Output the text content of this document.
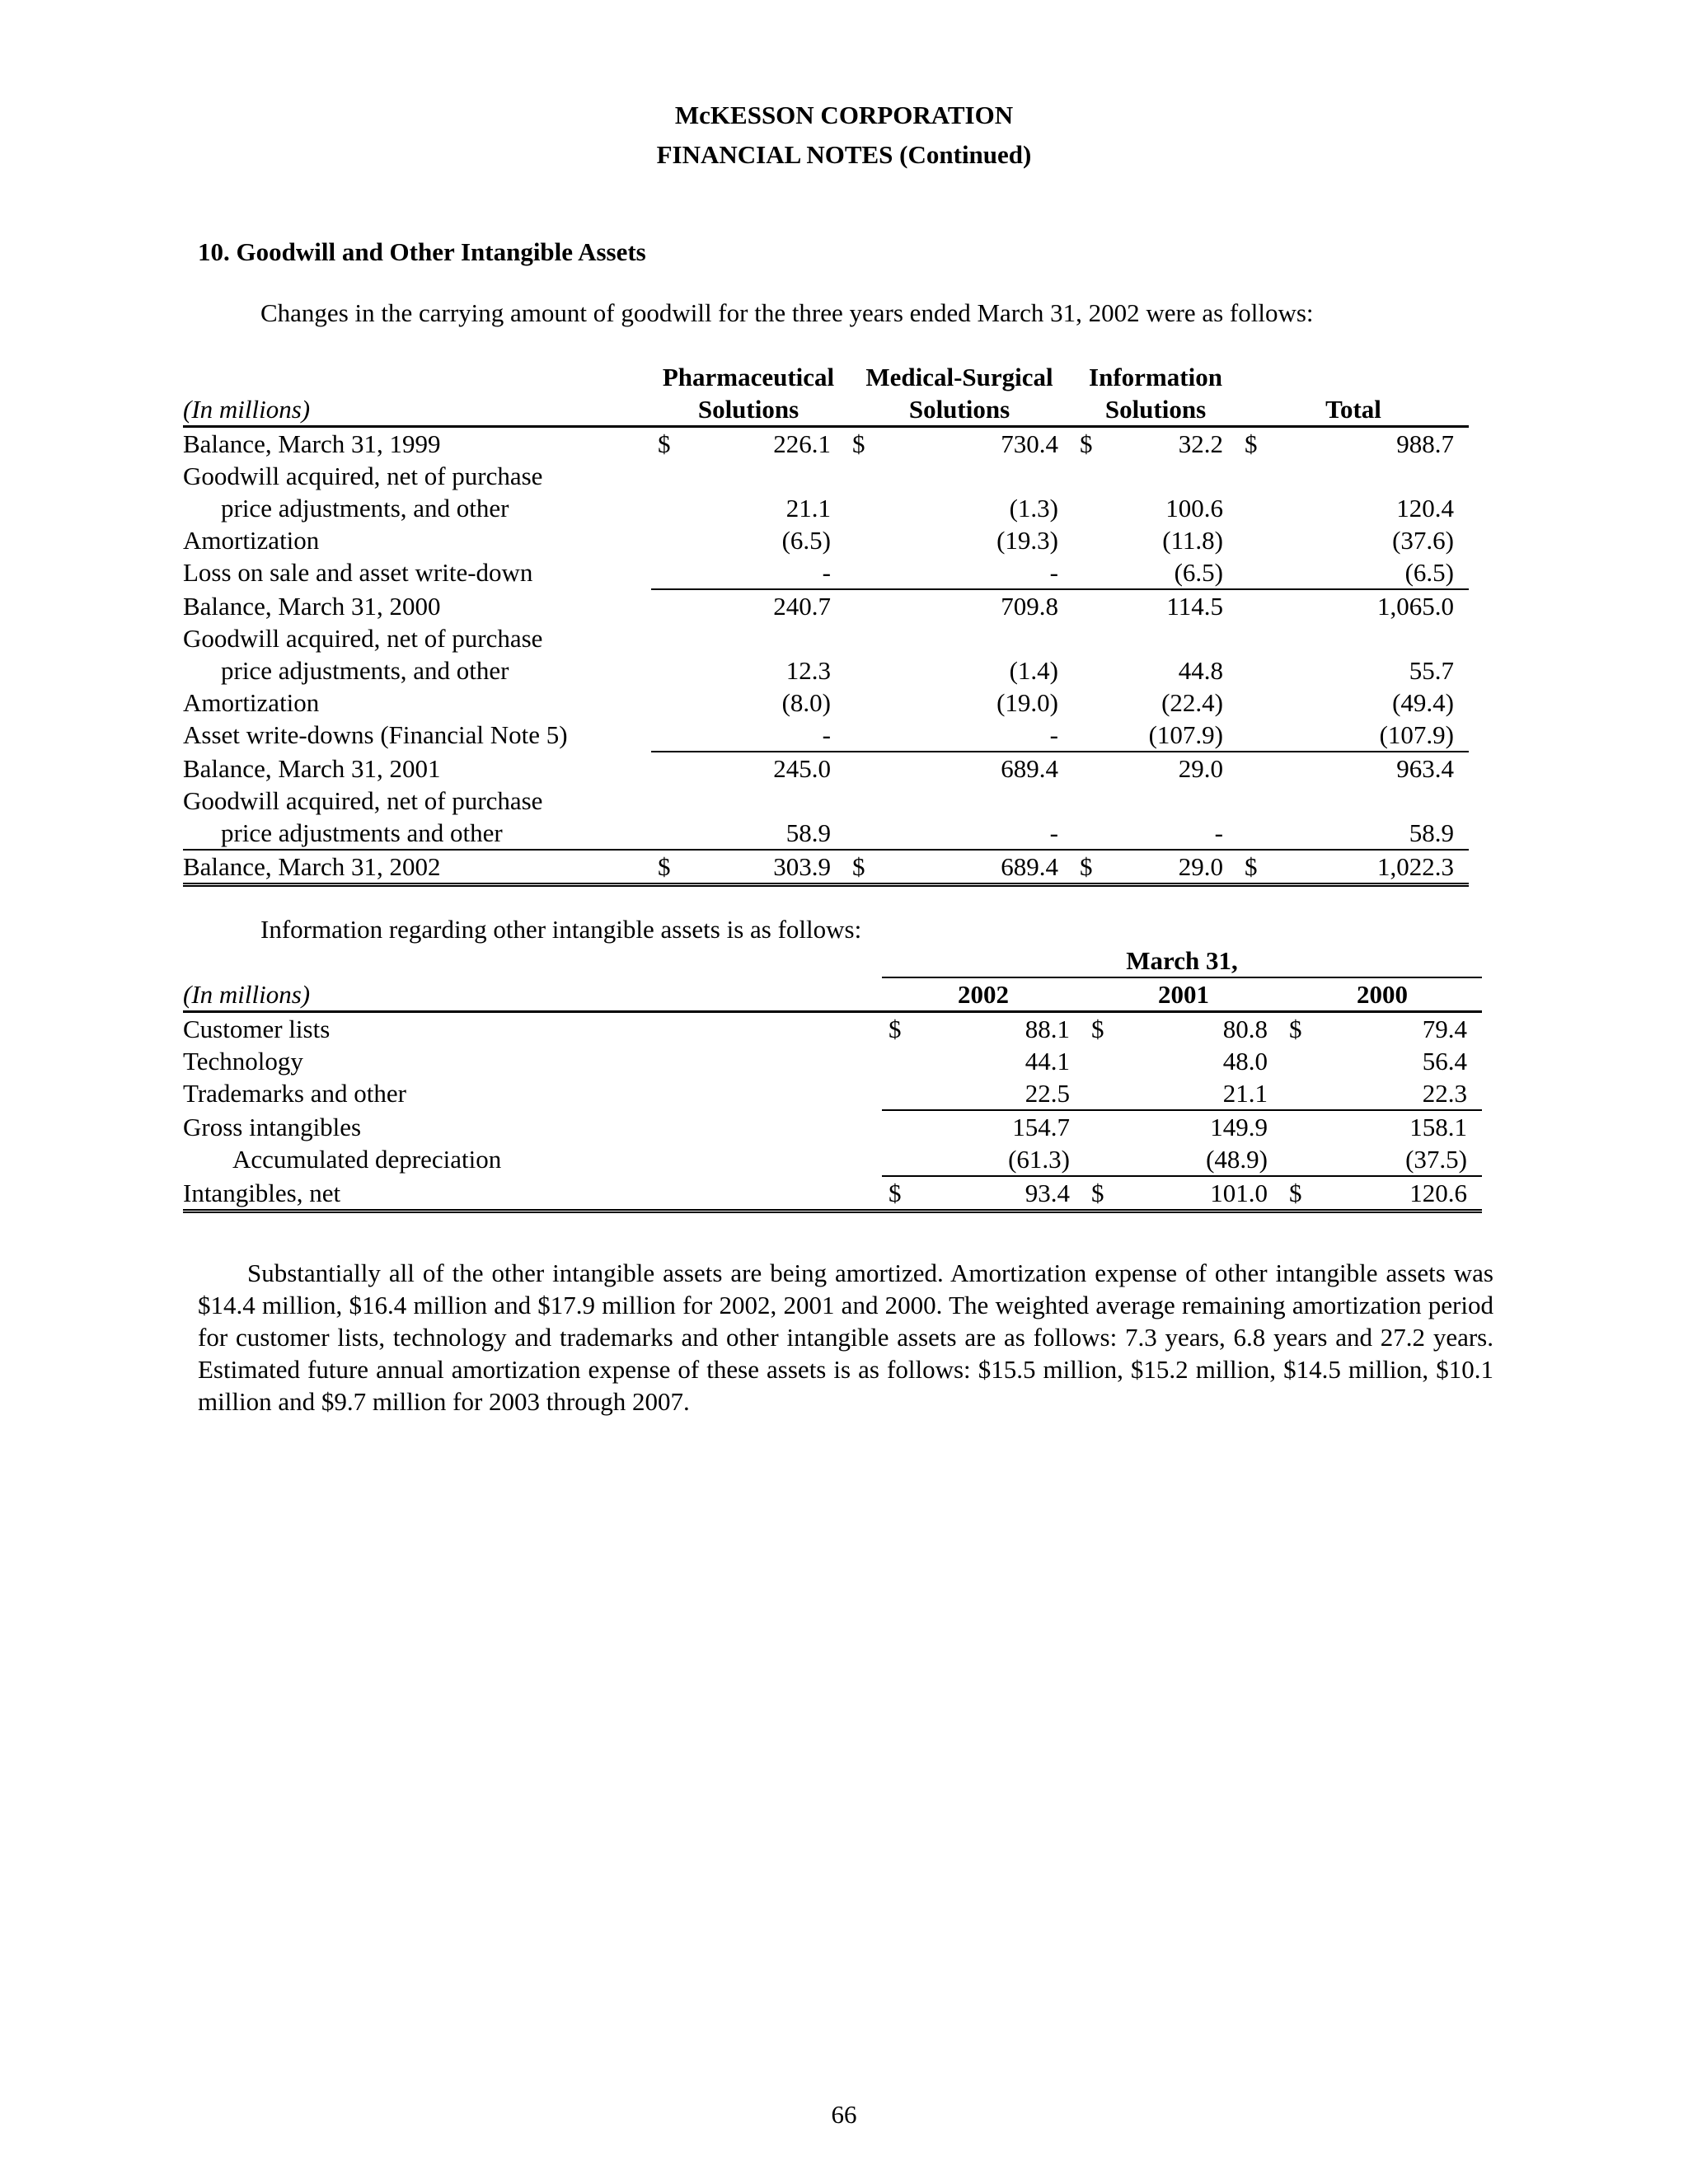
McKESSON CORPORATION
FINANCIAL NOTES (Continued)
10. Goodwill and Other Intangible Assets
Changes in the carrying amount of goodwill for the three years ended March 31, 2002 were as follows:
	Pharmaceutical		Medical-Surgical		Information			
(In millions)	Solutions		Solutions		Solutions		Total	
Balance, March 31, 1999	$	226.1	$	730.4	$	32.2	$	988.7
Goodwill acquired, net of purchase								
price adjustments, and other		21.1		(1.3)		100.6		120.4
Amortization		(6.5)		(19.3)		(11.8)		(37.6)
Loss on sale and asset write-down		-		-		(6.5)		(6.5)
Balance, March 31, 2000		240.7		709.8		114.5		1,065.0
Goodwill acquired, net of purchase								
price adjustments, and other		12.3		(1.4)		44.8		55.7
Amortization		(8.0)		(19.0)		(22.4)		(49.4)
Asset write-downs (Financial Note 5)		-		-		(107.9)		(107.9)
Balance, March 31, 2001		245.0		689.4		29.0		963.4
Goodwill acquired, net of purchase								
price adjustments and other		58.9		-		-		58.9
Balance, March 31, 2002	$	303.9	$	689.4	$	29.0	$	1,022.3
Information regarding other intangible assets is as follows:
	March 31,					
(In millions)	2002		2001		2000	
Customer lists	$	88.1	$	80.8	$	79.4
Technology		44.1		48.0		56.4
Trademarks and other		22.5		21.1		22.3
Gross intangibles		154.7		149.9		158.1
Accumulated depreciation		(61.3)		(48.9)		(37.5)
Intangibles, net	$	93.4	$	101.0	$	120.6

Substantially all of the other intangible assets are being amortized. Amortization expense of other intangible assets was $14.4 million, $16.4 million and $17.9 million for 2002, 2001 and 2000. The weighted average remaining amortization period for customer lists, technology and trademarks and other intangible assets are as follows: 7.3 years, 6.8 years and 27.2 years. Estimated future annual amortization expense of these assets is as follows: $15.5 million, $15.2 million, $14.5 million, $10.1 million and $9.7 million for 2003 through 2007.

66
